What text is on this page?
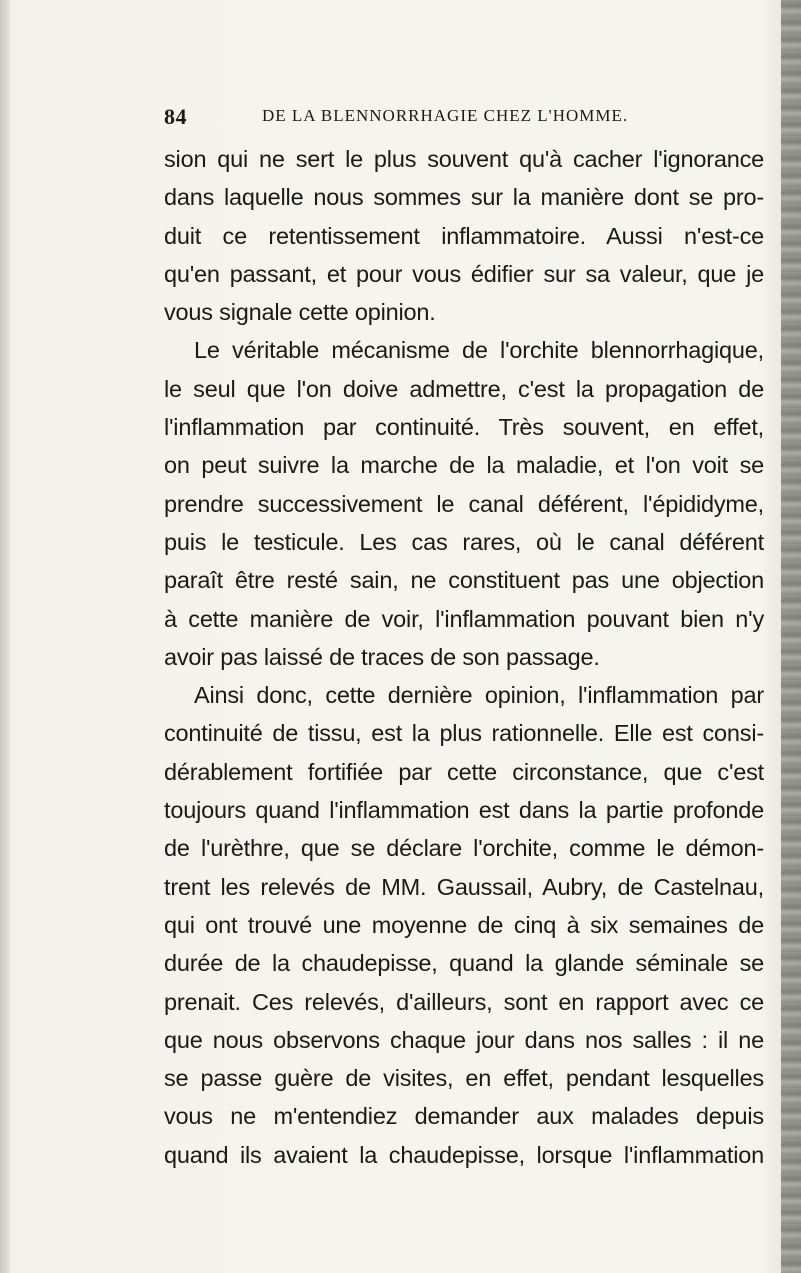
84	DE LA BLENNORRHAGIE CHEZ L'HOMME.
sion qui ne sert le plus souvent qu'à cacher l'ignorance
dans laquelle nous sommes sur la manière dont se pro-
duit ce retentissement inflammatoire. Aussi n'est-ce
qu'en passant, et pour vous édifier sur sa valeur, que je
vous signale cette opinion.
Le véritable mécanisme de l'orchite blennorrhagique,
le seul que l'on doive admettre, c'est la propagation de
l'inflammation par continuité. Très souvent, en effet,
on peut suivre la marche de la maladie, et l'on voit se
prendre successivement le canal déférent, l'épididyme,
puis le testicule. Les cas rares, où le canal déférent
paraît être resté sain, ne constituent pas une objection
à cette manière de voir, l'inflammation pouvant bien n'y
avoir pas laissé de traces de son passage.
Ainsi donc, cette dernière opinion, l'inflammation par
continuité de tissu, est la plus rationnelle. Elle est consi-
dérablement fortifiée par cette circonstance, que c'est
toujours quand l'inflammation est dans la partie profonde
de l'urèthre, que se déclare l'orchite, comme le démon-
trent les relevés de MM. Gaussail, Aubry, de Castelnau,
qui ont trouvé une moyenne de cinq à six semaines de
durée de la chaudepisse, quand la glande séminale se
prenait. Ces relevés, d'ailleurs, sont en rapport avec ce
que nous observons chaque jour dans nos salles : il ne
se passe guère de visites, en effet, pendant lesquelles
vous ne m'entendiez demander aux malades depuis
quand ils avaient la chaudepisse, lorsque l'inflammation
